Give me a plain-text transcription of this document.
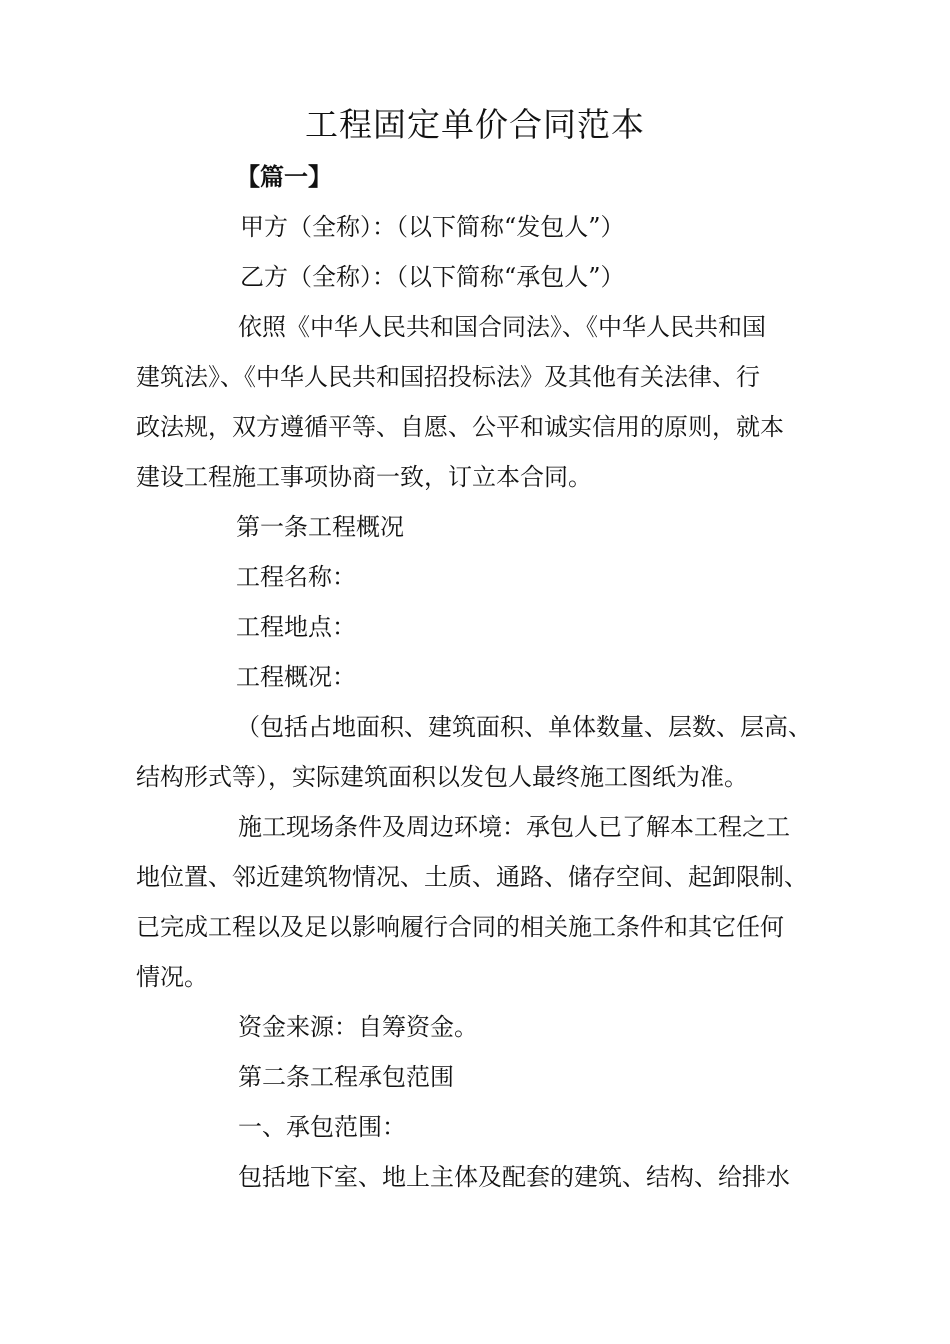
工程固定单价合同范本
【篇一】
甲方（全称）：（以下简称“发包人”）
乙方（全称）：（以下简称“承包人”）
依照《中华人民共和国合同法》、《中华人民共和国
建筑法》、《中华人民共和国招投标法》及其他有关法律、行
政法规，双方遵循平等、自愿、公平和诚实信用的原则，就本
建设工程施工事项协商一致，订立本合同。
第一条工程概况
工程名称：
工程地点：
工程概况：
（包括占地面积、建筑面积、单体数量、层数、层高、
结构形式等），实际建筑面积以发包人最终施工图纸为准。
施工现场条件及周边环境：承包人已了解本工程之工
地位置、邻近建筑物情况、土质、通路、储存空间、起卸限制、
已完成工程以及足以影响履行合同的相关施工条件和其它任何
情况。
资金来源：自筹资金。
第二条工程承包范围
一、承包范围：
包括地下室、地上主体及配套的建筑、结构、给排水
